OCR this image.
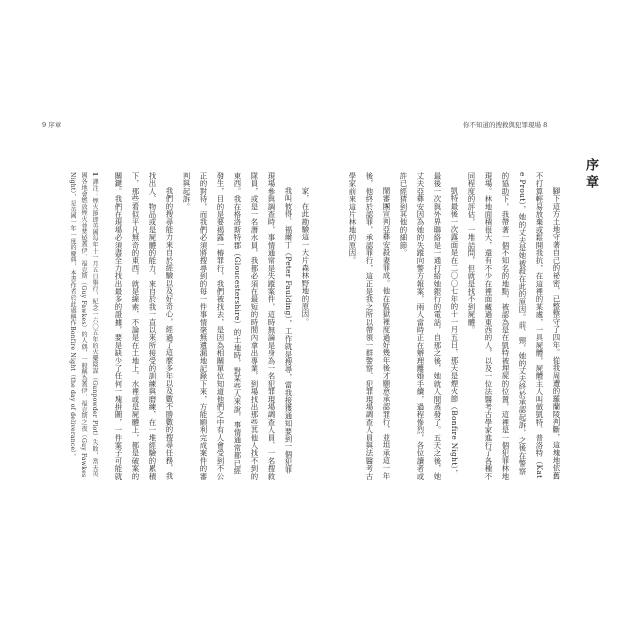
9 序章	你不知道的搜救與犯罪現場 8
序章

腳下這方土地守著自己的祕密，已整整守了四年。從我周遭的羅蘭陵判斷，這塊地依舊不打算輕易放棄或鬆開我抗，在這裡的某處，一具屍體，屍體主人叫做凱特．普洛特（Kate Prout），她的丈夫是她被殺在此的原因。前、頸，她的丈夫終於承認起訴，之後在警察的協助下，我帶著一個不知名的地點，被認為是在凱特被埋屍的位置，這裡是一個犯罪林地現場。林地面積很大，還有不少在裡面藏過東西的人，以及一位法醫考古學家進行了各種不同程度的評估，一堆詰問，但就是找不到屍體。

凱特最後一次露面是在二〇〇七年的十一月五日，那天是煙火節（Bonfire Night），最後一次與外界聯絡是一通打給她銀行的電話，自那之後，她就人間蒸發了。五天之後，她丈夫亞彝安因為她的失蹤向警方報案，兩人當時正在辦理離婚手續，過程慘烈，各位讀者或許已經猜到其他的細節。

鬧審團宣判亞彝安殺妻罪成。他在監獄裡度過好幾年後才願意承認罪行，並坦承這一年後，他終於認罪，承認罪行，這正是我之所以帶領一群警察、犯罪現場調查人員與法醫考古學家前來這片林地的原因。

家，在此勘驗這一大片森林野地的原因。

我叫彼得．福爾丁（Peter Faulding），工作就是搜尋，當我接獲通知要到一個犯罪現場參與調查時，事情通常是失蹤案件，這時無論是身為一名犯罪現場調查人員、一名搜救隊員，或是一名潛水員，我都必須在最短的時間內拿出專業，到場找出那些其他人找不到的東西。我在格洛斯特郡（Gloucestershire）的土地時，對某些人來說，事情通常都已經發生，目的是要揭露一樁罪行，我們被找去，是因為相關單位知道他們之中有人會受到不公正的對待，而我們必須將搜尋到的每一件事情毫無遺漏地記錄下來，方能順利完成案件的審判與起訴。

我們的搜尋能力來自於經驗以及好奇心，經過了這麼多年以及數不勝數的搜尋任務，我找出人、物品或是屍體的能力，來自於我一直以來所接受的訓練與磨練，在一堆經驗的累積下，那些看似平凡無奇的東西，就是線索，不論是在土地上、水裡或是屍體上，都是破案的關鍵。我們在現場必須盡全力找出最多的證據，要是缺少了任何一塊拼圖，一件案子可能就

1 譯注：煙火節即英國每年十一月五日舉行，紀念一六〇五年的火藥陰謀（Gunpowder Plot）失敗，當天英國各地會燃放煙火並焚燒蓋伊．福克斯（Guy Fawkes）的人偶，一般稱為蓋伊．福克斯之夜（Guy Fawkes Night），是英國一年一度的慶典，本書作者於此處稱作Bonfire Night（the day of deliverance）。
